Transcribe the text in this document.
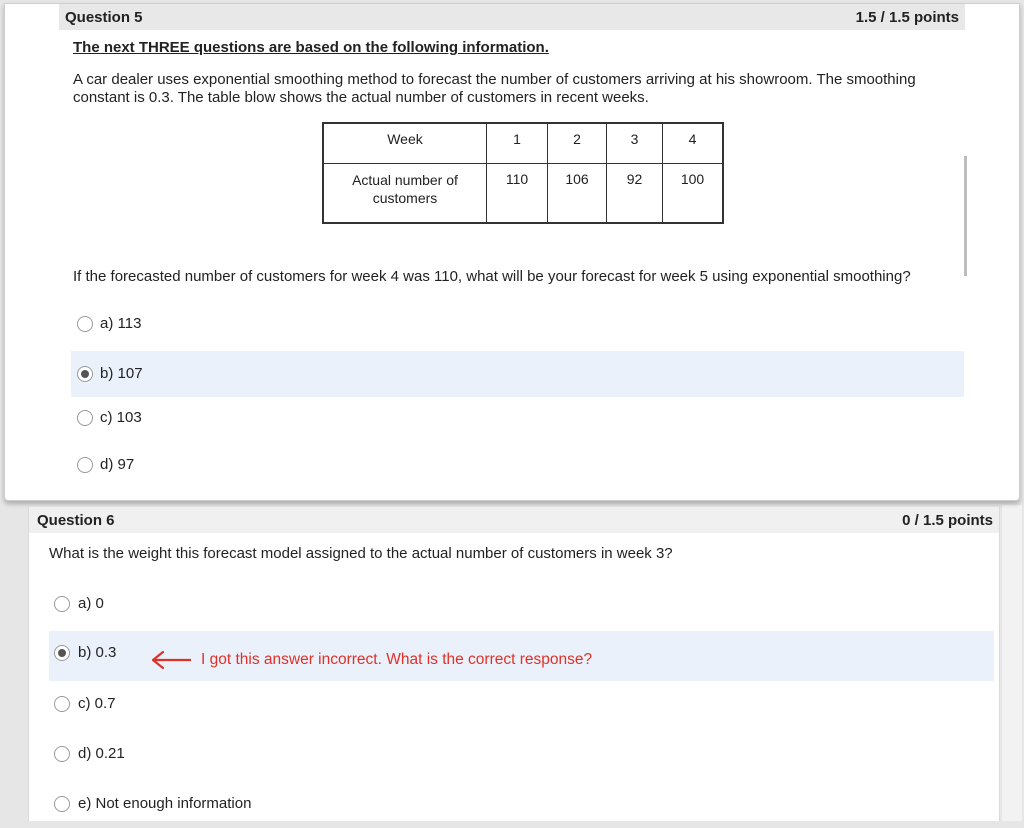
Question 5	1.5 / 1.5 points
The next THREE questions are based on the following information.
A car dealer uses exponential smoothing method to forecast the number of customers arriving at his showroom. The smoothing constant is 0.3. The table blow shows the actual number of customers in recent weeks.
Week	1	2	3	4
Actual number of customers	110	106	92	100
If the forecasted number of customers for week 4 was 110, what will be your forecast for week 5 using exponential smoothing?
a) 113
b) 107
c) 103
d) 97
Question 6	0 / 1.5 points
What is the weight this forecast model assigned to the actual number of customers in week 3?
a) 0
b) 0.3
c) 0.7
d) 0.21
e) Not enough information
I got this answer incorrect. What is the correct response?
